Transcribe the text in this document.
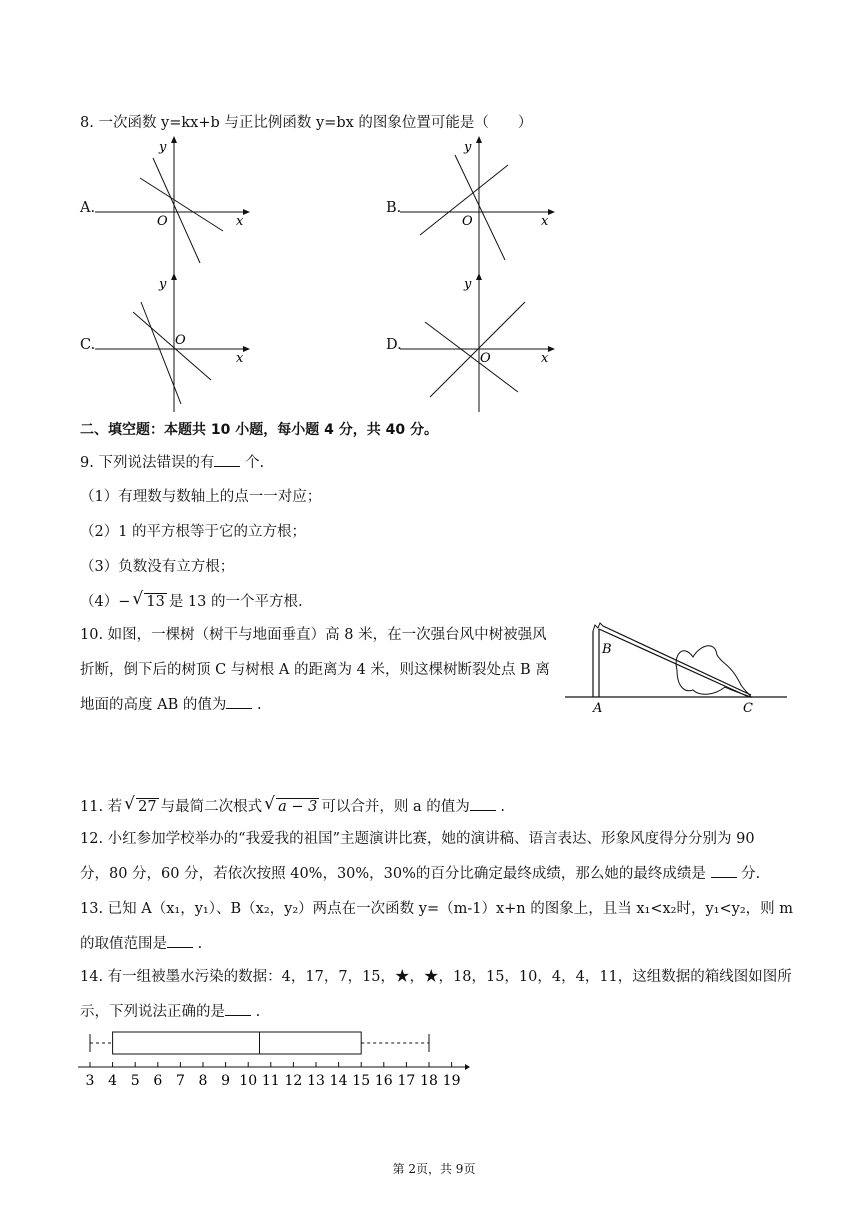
8. 一次函数 y=kx+b 与正比例函数 y=bx 的图象位置可能是（　　）
A.
x
y
O
B.
x
y
O
C.
x
y
O	D.
x
y
O
二、填空题：本题共 10 小题，每小题 4 分，共 40 分。
9. 下列说法错误的有 个.
（1）有理数与数轴上的点一一对应；
（2）1 的平方根等于它的立方根；
（3）负数没有立方根；
（4）− √ 13 是 13 的一个平方根.
10. 如图，一棵树（树干与地面垂直）高 8 米，在一次强台风中树被强风
折断，倒下后的树顶 C 与树根 A 的距离为 4 米，则这棵树断裂处点 B 离
地面的高度 AB 的值为 .
B
A	C
11. 若 √ 27 与最简二次根式 √ a − 3 可以合并，则 a 的值为 .
12. 小红参加学校举办的“我爱我的祖国”主题演讲比赛，她的演讲稿、语言表达、形象风度得分分别为 90
分，80 分，60 分，若依次按照 40%，30%，30%的百分比确定最终成绩，那么她的最终成绩是 分.
13. 已知 A（x₁，y₁）、B（x₂，y₂）两点在一次函数 y=（m-1）x+n 的图象上，且当 x₁<x₂时，y₁<y₂，则 m
的取值范围是 .
14. 有一组被墨水污染的数据：4，17，7，15，★，★，18，15，10，4，4，11，这组数据的箱线图如图所
示，下列说法正确的是 .
3 4 5 6 7 8 9 10 11 12 13 14 15 16 17 18 19
第 2页，共 9页
